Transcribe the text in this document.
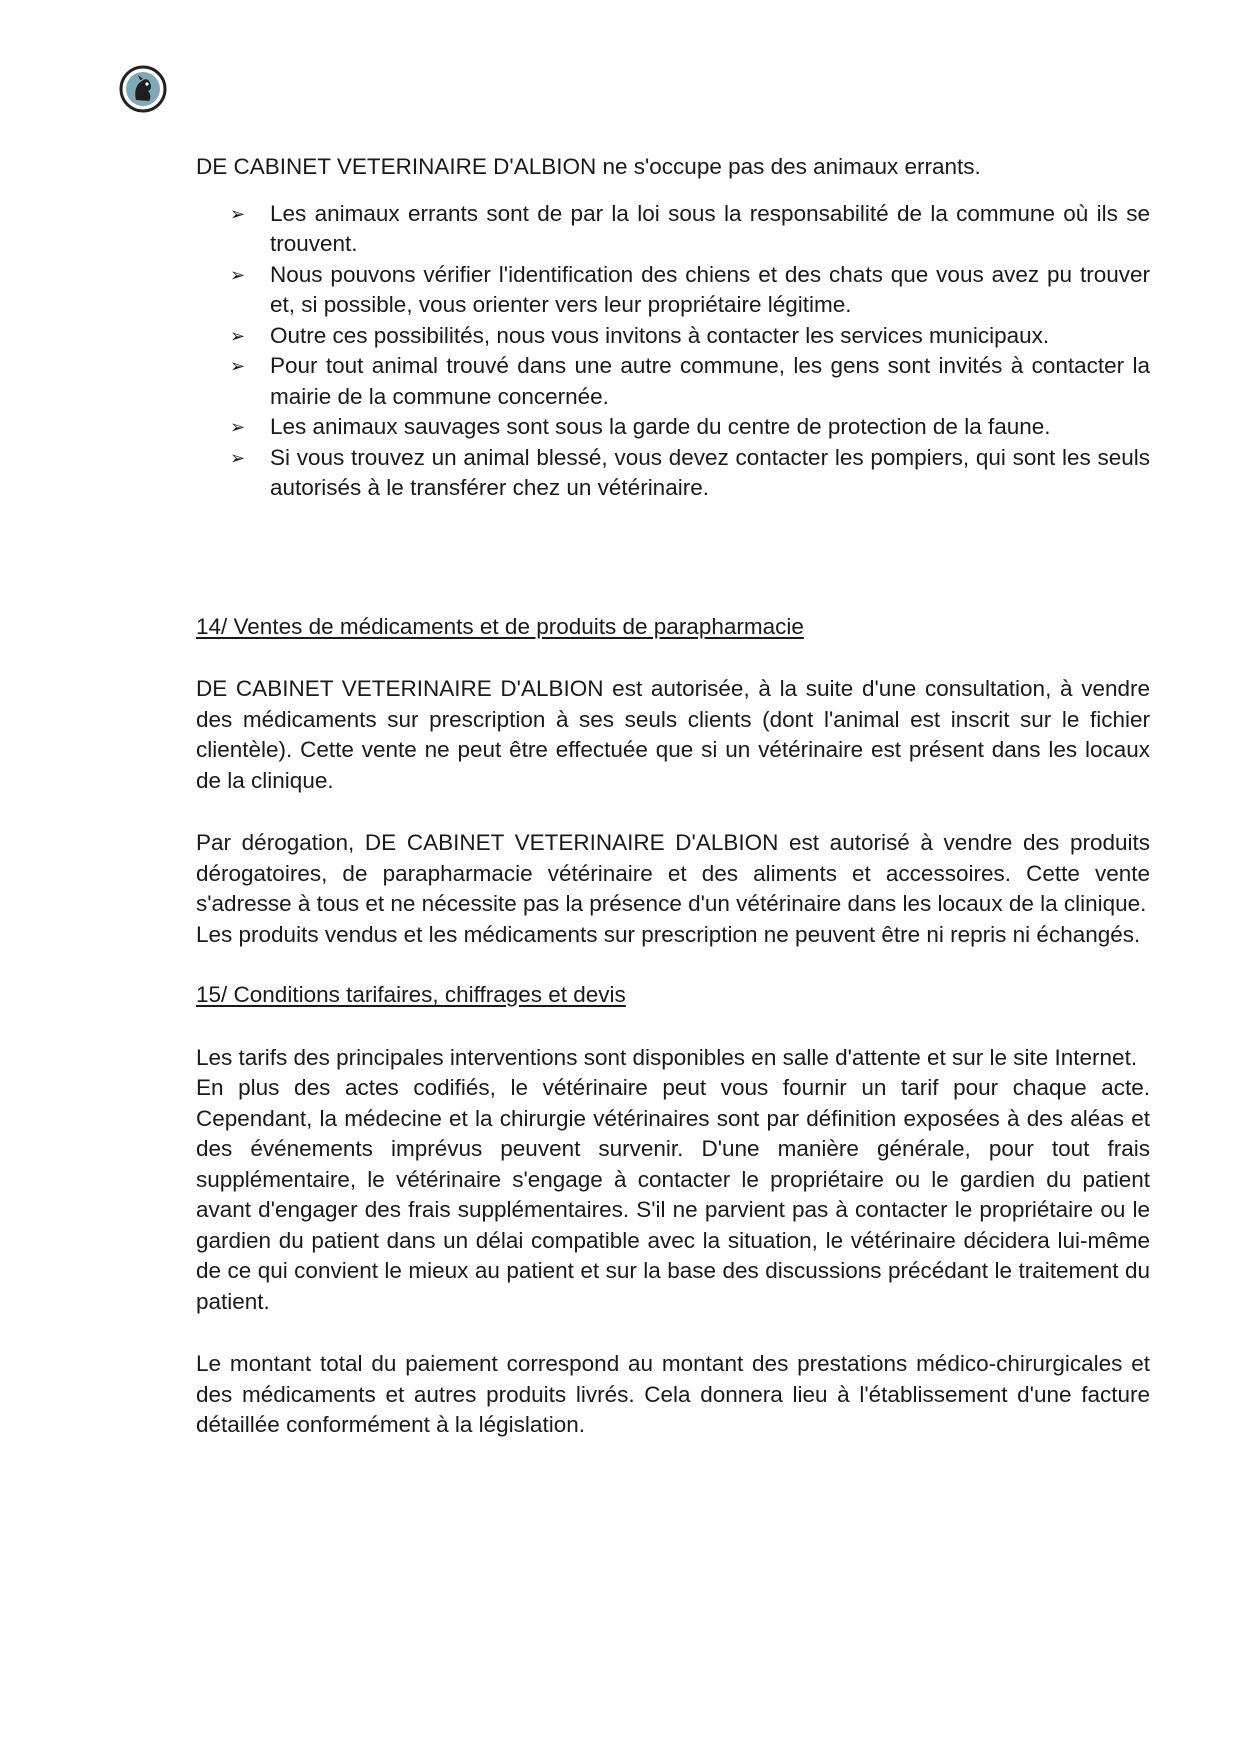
DE CABINET VETERINAIRE D'ALBION ne s'occupe pas des animaux errants.

➢ Les animaux errants sont de par la loi sous la responsabilité de la commune où ils se trouvent.
➢ Nous pouvons vérifier l'identification des chiens et des chats que vous avez pu trouver et, si possible, vous orienter vers leur propriétaire légitime.
➢ Outre ces possibilités, nous vous invitons à contacter les services municipaux.
➢ Pour tout animal trouvé dans une autre commune, les gens sont invités à contacter la mairie de la commune concernée.
➢ Les animaux sauvages sont sous la garde du centre de protection de la faune.
➢ Si vous trouvez un animal blessé, vous devez contacter les pompiers, qui sont les seuls autorisés à le transférer chez un vétérinaire.

14/ Ventes de médicaments et de produits de parapharmacie

DE CABINET VETERINAIRE D'ALBION est autorisée, à la suite d'une consultation, à vendre des médicaments sur prescription à ses seuls clients (dont l'animal est inscrit sur le fichier clientèle). Cette vente ne peut être effectuée que si un vétérinaire est présent dans les locaux de la clinique.

Par dérogation, DE CABINET VETERINAIRE D'ALBION est autorisé à vendre des produits dérogatoires, de parapharmacie vétérinaire et des aliments et accessoires. Cette vente s'adresse à tous et ne nécessite pas la présence d'un vétérinaire dans les locaux de la clinique.

Les produits vendus et les médicaments sur prescription ne peuvent être ni repris ni échangés.

15/ Conditions tarifaires, chiffrages et devis

Les tarifs des principales interventions sont disponibles en salle d'attente et sur le site Internet.

En plus des actes codifiés, le vétérinaire peut vous fournir un tarif pour chaque acte. Cependant, la médecine et la chirurgie vétérinaires sont par définition exposées à des aléas et des événements imprévus peuvent survenir. D'une manière générale, pour tout frais supplémentaire, le vétérinaire s'engage à contacter le propriétaire ou le gardien du patient avant d'engager des frais supplémentaires. S'il ne parvient pas à contacter le propriétaire ou le gardien du patient dans un délai compatible avec la situation, le vétérinaire décidera lui-même de ce qui convient le mieux au patient et sur la base des discussions précédant le traitement du patient.

Le montant total du paiement correspond au montant des prestations médico-chirurgicales et des médicaments et autres produits livrés. Cela donnera lieu à l'établissement d'une facture détaillée conformément à la législation.
